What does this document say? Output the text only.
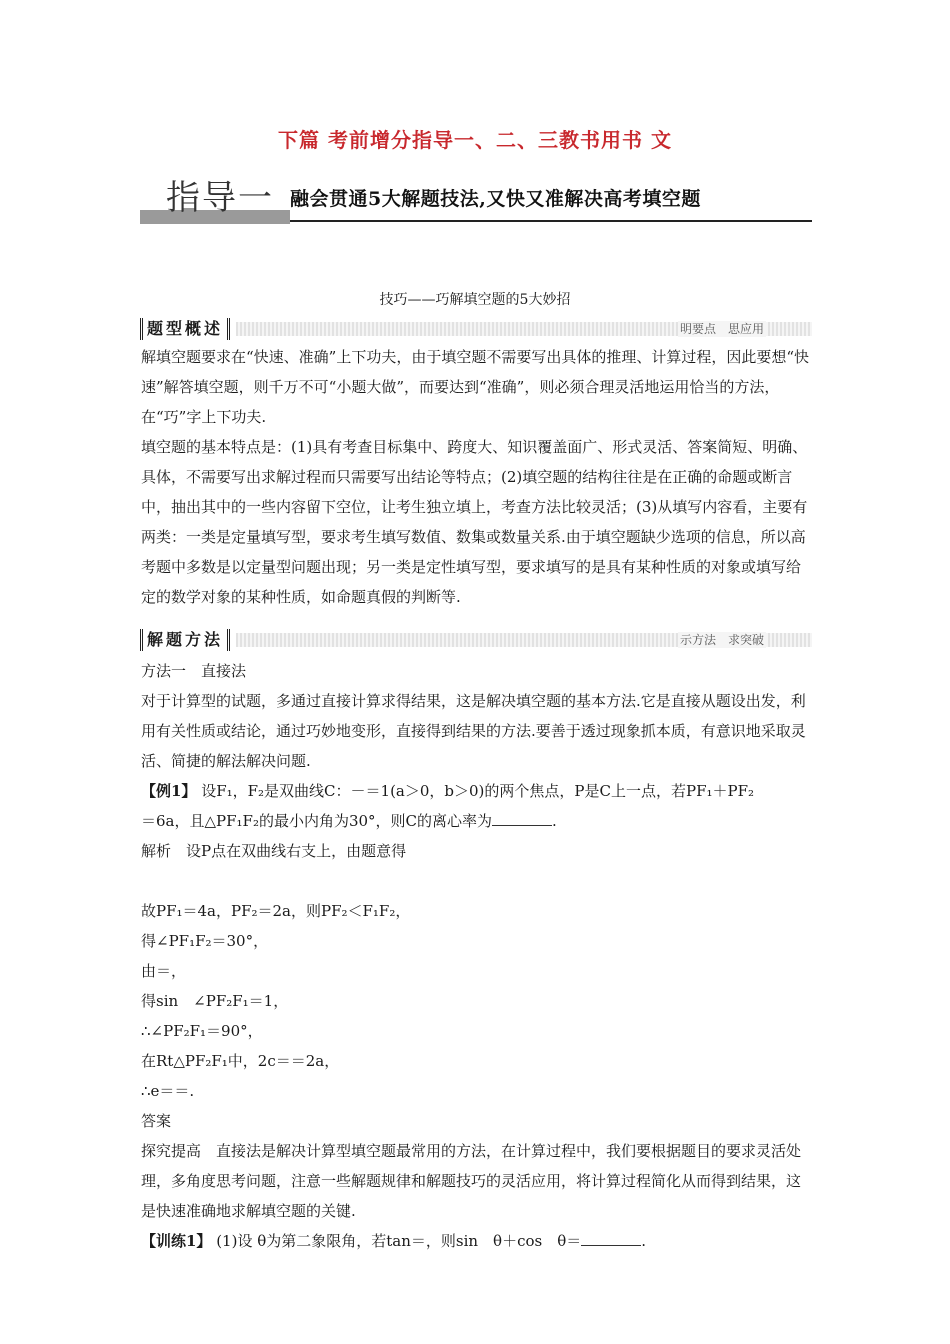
下篇 考前增分指导一、二、三教书用书 文
指导一 融会贯通5大解题技法,又快又准解决高考填空题
技巧——巧解填空题的5大妙招
题型概述	明要点　思应用

解填空题要求在“快速、准确”上下功夫，由于填空题不需要写出具体的推理、计算过程，因此要想“快速”解答填空题，则千万不可“小题大做”，而要达到“准确”，则必须合理灵活地运用恰当的方法，在“巧”字上下功夫.

填空题的基本特点是：(1)具有考查目标集中、跨度大、知识覆盖面广、形式灵活、答案简短、明确、具体，不需要写出求解过程而只需要写出结论等特点；(2)填空题的结构往往是在正确的命题或断言中，抽出其中的一些内容留下空位，让考生独立填上，考查方法比较灵活；(3)从填写内容看，主要有两类：一类是定量填写型，要求考生填写数值、数集或数量关系.由于填空题缺少选项的信息，所以高考题中多数是以定量型问题出现；另一类是定性填写型，要求填写的是具有某种性质的对象或填写给定的数学对象的某种性质，如命题真假的判断等.

解题方法	示方法　求突破

方法一　直接法

对于计算型的试题，多通过直接计算求得结果，这是解决填空题的基本方法.它是直接从题设出发，利用有关性质或结论，通过巧妙地变形，直接得到结果的方法.要善于透过现象抓本质，有意识地采取灵活、简捷的解法解决问题.

【例1】 设F₁，F₂是双曲线C：－＝1(a＞0，b＞0)的两个焦点，P是C上一点，若PF₁＋PF₂

＝6a，且△PF₁F₂的最小内角为30°，则C的离心率为	.

解析　设P点在双曲线右支上，由题意得

故PF₁＝4a，PF₂＝2a，则PF₂＜F₁F₂，

得∠PF₁F₂＝30°，

由＝，

得sin　∠PF₂F₁＝1，

∴∠PF₂F₁＝90°，

在Rt△PF₂F₁中，2c＝＝2a，

∴e＝＝.

答案

探究提高　直接法是解决计算型填空题最常用的方法，在计算过程中，我们要根据题目的要求灵活处理，多角度思考问题，注意一些解题规律和解题技巧的灵活应用，将计算过程简化从而得到结果，这是快速准确地求解填空题的关键.

【训练1】 (1)设 θ为第二象限角，若tan＝，则sin　θ＋cos　θ＝	.
